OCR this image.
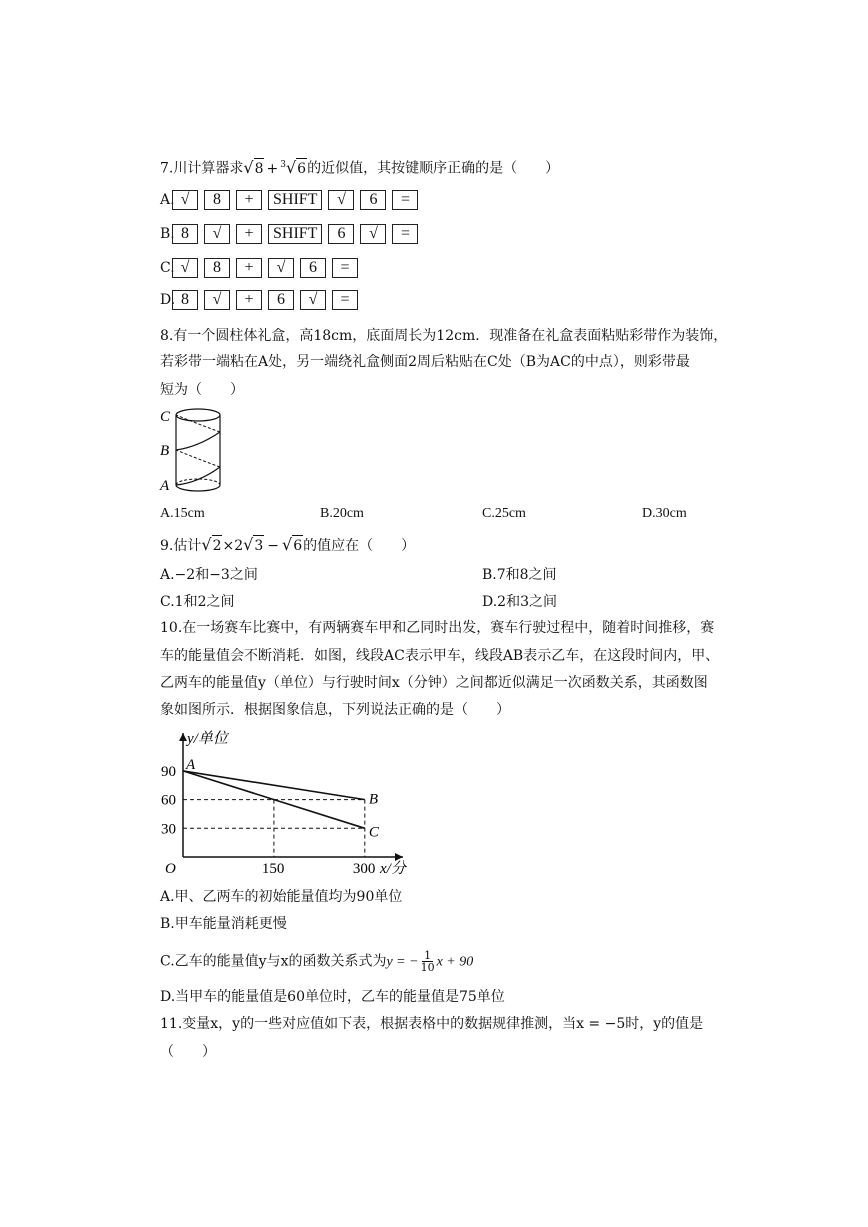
7.川计算器求 √ 8 + $^3$ √ 6 的近似值，其按键顺序正确的是（　　）
A. √	8	+	SHIFT	√	6	=
B. 8	√	+	SHIFT	6	√	=
C. √	8	+	√	6	=
D. 8	√	+	6	√	=
8.有一个圆柱体礼盒，高18cm，底面周长为12cm．现准备在礼盒表面粘贴彩带作为装饰，
若彩带一端粘在A处，另一端绕礼盒侧面2周后粘贴在C处（B为AC的中点），则彩带最
短为（　　）
C
B
A
A.15cm	B.20cm	C.25cm	D.30cm
9.估计 √ 2 ×2 √ 3 − √ 6 的值应在（　　）
A.−2和−3之间	B.7和8之间
C.1和2之间	D.2和3之间
10.在一场赛车比赛中，有两辆赛车甲和乙同时出发，赛车行驶过程中，随着时间推移，赛
车的能量值会不断消耗．如图，线段AC表示甲车，线段AB表示乙车，在这段时间内，甲、
乙两车的能量值y（单位）与行驶时间x（分钟）之间都近似满足一次函数关系，其函数图
象如图所示．根据图象信息，下列说法正确的是（　　）
30
60
90
150	300
O
y/单位
x/分
A
B
C
A.甲、乙两车的初始能量值均为90单位
B.甲车能量消耗更慢
C.乙车的能量值y与x的函数关系式为y = − $\frac{1}{10}$ x + 90
D.当甲车的能量值是60单位时，乙车的能量值是75单位
11.变量x，y的一些对应值如下表，根据表格中的数据规律推测，当x = −5时，y的值是
（　　）
